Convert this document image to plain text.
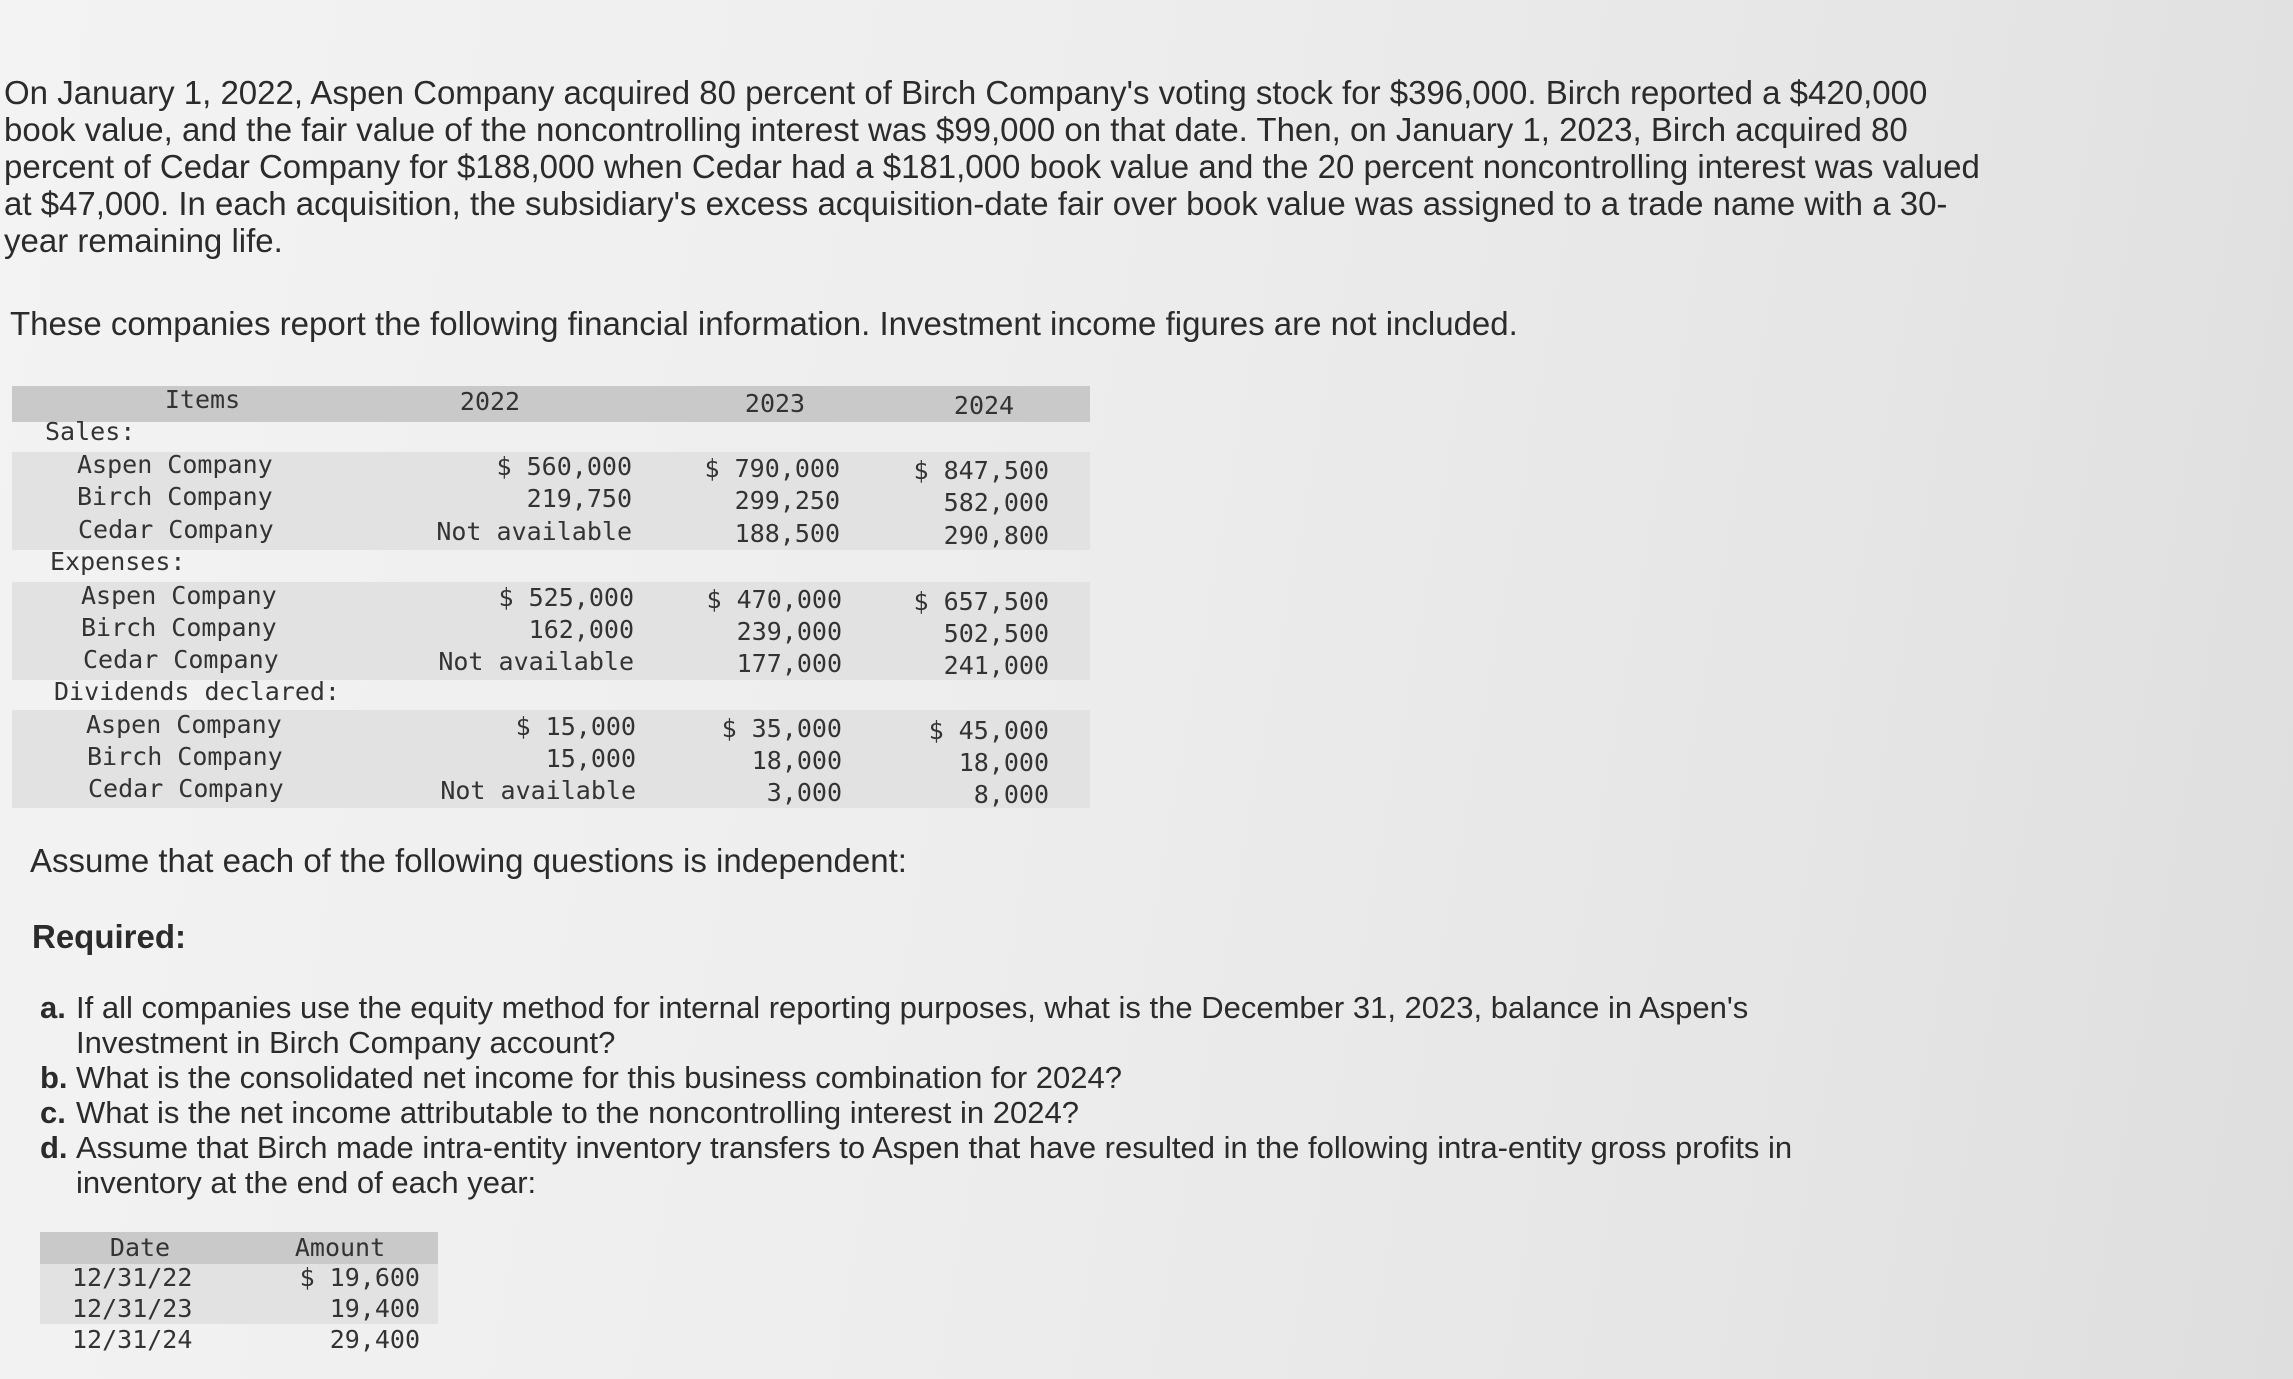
On January 1, 2022, Aspen Company acquired 80 percent of Birch Company's voting stock for $396,000. Birch reported a $420,000 book value, and the fair value of the noncontrolling interest was $99,000 on that date. Then, on January 1, 2023, Birch acquired 80 percent of Cedar Company for $188,000 when Cedar had a $181,000 book value and the 20 percent noncontrolling interest was valued at $47,000. In each acquisition, the subsidiary's excess acquisition-date fair over book value was assigned to a trade name with a 30-year remaining life.

These companies report the following financial information. Investment income figures are not included.

Items	2022	2023	2024
Sales:
Aspen Company	$ 560,000	$ 790,000	$ 847,500
Birch Company	219,750	299,250	582,000
Cedar Company	Not available	188,500	290,800
Expenses:
Aspen Company	$ 525,000	$ 470,000	$ 657,500
Birch Company	162,000	239,000	502,500
Cedar Company	Not available	177,000	241,000
Dividends declared:
Aspen Company	$ 15,000	$ 35,000	$ 45,000
Birch Company	15,000	18,000	18,000
Cedar Company	Not available	3,000	8,000

Assume that each of the following questions is independent:

Required:

a. If all companies use the equity method for internal reporting purposes, what is the December 31, 2023, balance in Aspen's Investment in Birch Company account?
b. What is the consolidated net income for this business combination for 2024?
c. What is the net income attributable to the noncontrolling interest in 2024?
d. Assume that Birch made intra-entity inventory transfers to Aspen that have resulted in the following intra-entity gross profits in inventory at the end of each year:
Date	Amount
12/31/22	$ 19,600
12/31/23	19,400
12/31/24	29,400
